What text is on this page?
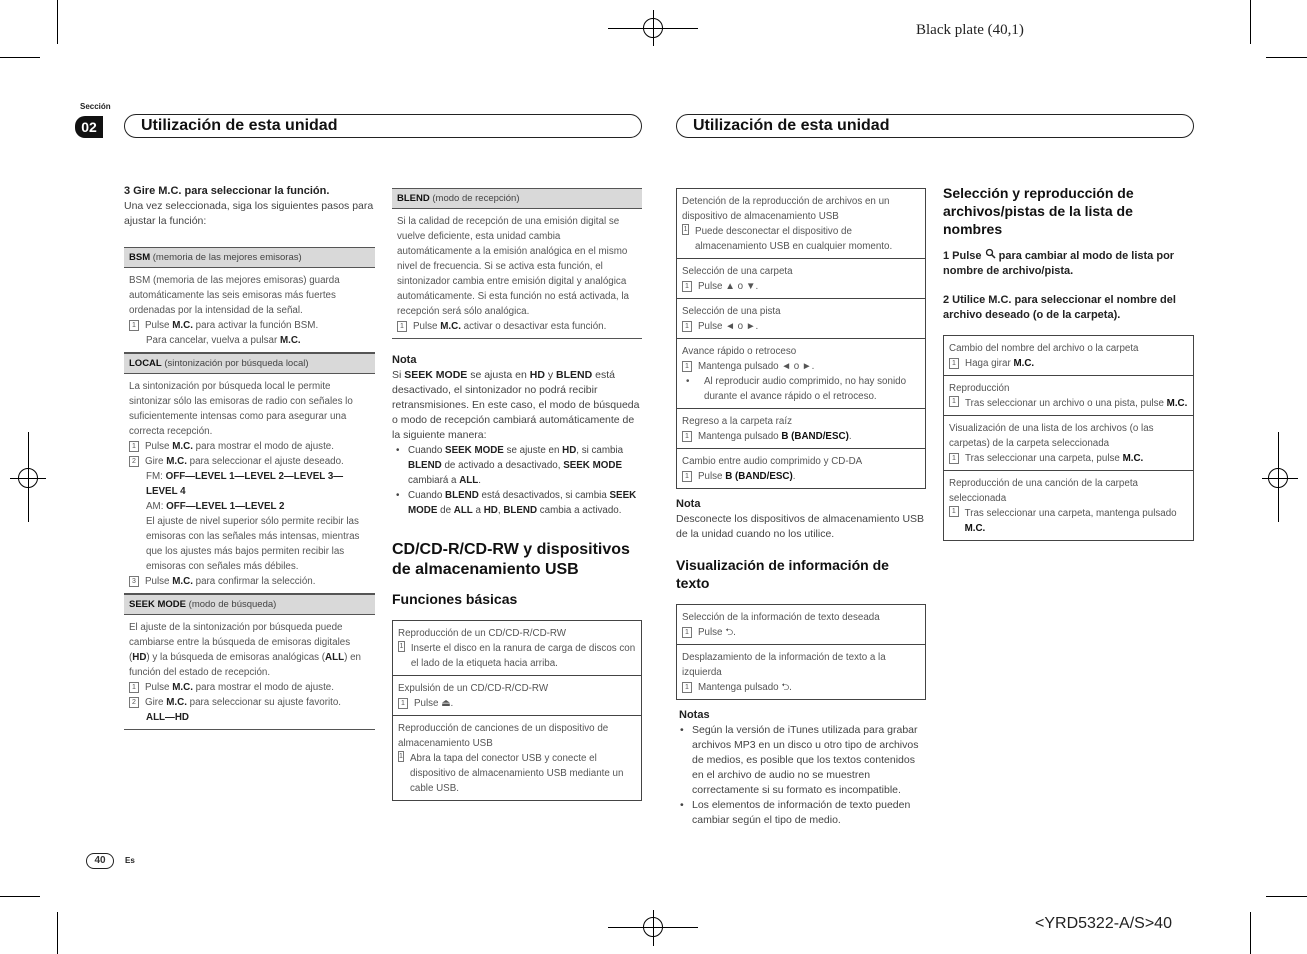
Black plate (40,1)
<YRD5322-A/S>40
Sección
02	Utilización de esta unidad	Utilización de esta unidad
40	Es
3 Gire M.C. para seleccionar la función.
Una vez seleccionada, siga los siguientes pasos para ajustar la función:
BSM (memoria de las mejores emisoras)
BSM (memoria de las mejores emisoras) guarda automáticamente las seis emisoras más fuertes ordenadas por la intensidad de la señal.
1 Pulse M.C. para activar la función BSM.
Para cancelar, vuelva a pulsar M.C.
LOCAL (sintonización por búsqueda local)
La sintonización por búsqueda local le permite sintonizar sólo las emisoras de radio con señales lo suficientemente intensas como para asegurar una correcta recepción.
1 Pulse M.C. para mostrar el modo de ajuste.
2 Gire M.C. para seleccionar el ajuste deseado.
FM: OFF—LEVEL 1—LEVEL 2—LEVEL 3—LEVEL 4
AM: OFF—LEVEL 1—LEVEL 2
El ajuste de nivel superior sólo permite recibir las emisoras con las señales más intensas, mientras que los ajustes más bajos permiten recibir las emisoras con señales más débiles.
3 Pulse M.C. para confirmar la selección.
SEEK MODE (modo de búsqueda)
El ajuste de la sintonización por búsqueda puede cambiarse entre la búsqueda de emisoras digitales (HD) y la búsqueda de emisoras analógicas (ALL) en función del estado de recepción.
1 Pulse M.C. para mostrar el modo de ajuste.
2 Gire M.C. para seleccionar su ajuste favorito.
ALL—HD
BLEND (modo de recepción)
Si la calidad de recepción de una emisión digital se vuelve deficiente, esta unidad cambia automáticamente a la emisión analógica en el mismo nivel de frecuencia. Si se activa esta función, el sintonizador cambia entre emisión digital y analógica automáticamente. Si esta función no está activada, la recepción será sólo analógica.
1 Pulse M.C. activar o desactivar esta función.
Nota
Si SEEK MODE se ajusta en HD y BLEND está desactivado, el sintonizador no podrá recibir retransmisiones. En este caso, el modo de búsqueda o modo de recepción cambiará automáticamente de la siguiente manera:
• Cuando SEEK MODE se ajuste en HD, si cambia BLEND de activado a desactivado, SEEK MODE cambiará a ALL.
• Cuando BLEND está desactivados, si cambia SEEK MODE de ALL a HD, BLEND cambia a activado.
CD/CD-R/CD-RW y dispositivos de almacenamiento USB
Funciones básicas
Reproducción de un CD/CD-R/CD-RW
1 Inserte el disco en la ranura de carga de discos con el lado de la etiqueta hacia arriba.
Expulsión de un CD/CD-R/CD-RW
1 Pulse ⏏.
Reproducción de canciones de un dispositivo de almacenamiento USB
1 Abra la tapa del conector USB y conecte el dispositivo de almacenamiento USB mediante un cable USB.
Detención de la reproducción de archivos en un dispositivo de almacenamiento USB
1 Puede desconectar el dispositivo de almacenamiento USB en cualquier momento.
Selección de una carpeta
1 Pulse ▲ o ▼.
Selección de una pista
1 Pulse ◄ o ►.
Avance rápido o retroceso
1 Mantenga pulsado ◄ o ►.
• Al reproducir audio comprimido, no hay sonido durante el avance rápido o el retroceso.
Regreso a la carpeta raíz
1 Mantenga pulsado B (BAND/ESC).
Cambio entre audio comprimido y CD-DA
1 Pulse B (BAND/ESC).
Nota
Desconecte los dispositivos de almacenamiento USB de la unidad cuando no los utilice.
Visualización de información de texto
Selección de la información de texto deseada
1 Pulse ⮌.
Desplazamiento de la información de texto a la izquierda
1 Mantenga pulsado ⮌.
Notas
• Según la versión de iTunes utilizada para grabar archivos MP3 en un disco u otro tipo de archivos de medios, es posible que los textos contenidos en el archivo de audio no se muestren correctamente si su formato es incompatible.
• Los elementos de información de texto pueden cambiar según el tipo de medio.
Selección y reproducción de archivos/pistas de la lista de nombres
1 Pulse  para cambiar al modo de lista por nombre de archivo/pista.
2 Utilice M.C. para seleccionar el nombre del archivo deseado (o de la carpeta).
Cambio del nombre del archivo o la carpeta
1 Haga girar M.C.
Reproducción
1 Tras seleccionar un archivo o una pista, pulse M.C.
Visualización de una lista de los archivos (o las carpetas) de la carpeta seleccionada
1 Tras seleccionar una carpeta, pulse M.C.
Reproducción de una canción de la carpeta seleccionada
1 Tras seleccionar una carpeta, mantenga pulsado M.C.
